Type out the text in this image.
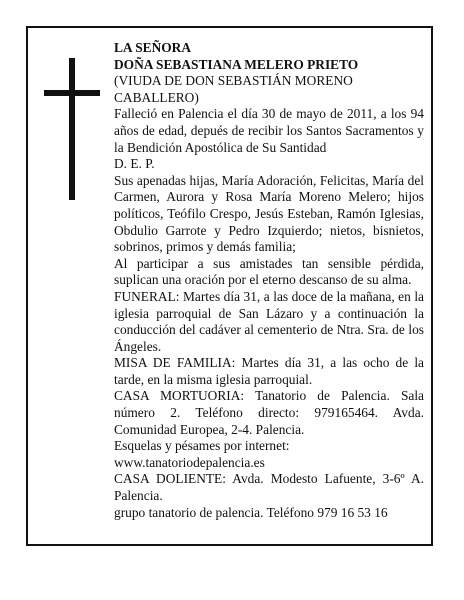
LA SEÑORA

DOÑA SEBASTIANA MELERO PRIETO

(VIUDA DE DON SEBASTIÁN MORENO CABALLERO)

Falleció en Palencia el día 30 de mayo de 2011, a los 94 años de edad, depués de recibir los Santos Sacramentos y la Bendición Apostólica de Su Santidad

D. E. P.

Sus apenadas hijas, María Adoración, Felicitas, María del Carmen, Aurora y Rosa María Moreno Melero; hijos políticos, Teófilo Crespo, Jesús Esteban, Ramón Iglesias, Obdulio Garrote y Pedro Izquierdo; nietos, bisnietos, sobrinos, primos y demás familia;

Al participar a sus amistades tan sensible pérdida, suplican una oración por el eterno descanso de su alma.

FUNERAL: Martes día 31, a las doce de la mañana, en la iglesia parroquial de San Lázaro y a continuación la conducción del cadáver al cementerio de Ntra. Sra. de los Ángeles.

MISA DE FAMILIA: Martes día 31, a las ocho de la tarde, en la misma iglesia parroquial.

CASA MORTUORIA: Tanatorio de Palencia. Sala número 2. Teléfono directo: 979165464. Avda. Comunidad Europea, 2-4. Palencia.

Esquelas y pésames por internet:

www.tanatoriodepalencia.es

CASA DOLIENTE: Avda. Modesto Lafuente, 3-6º A. Palencia.

grupo tanatorio de palencia. Teléfono 979 16 53 16
